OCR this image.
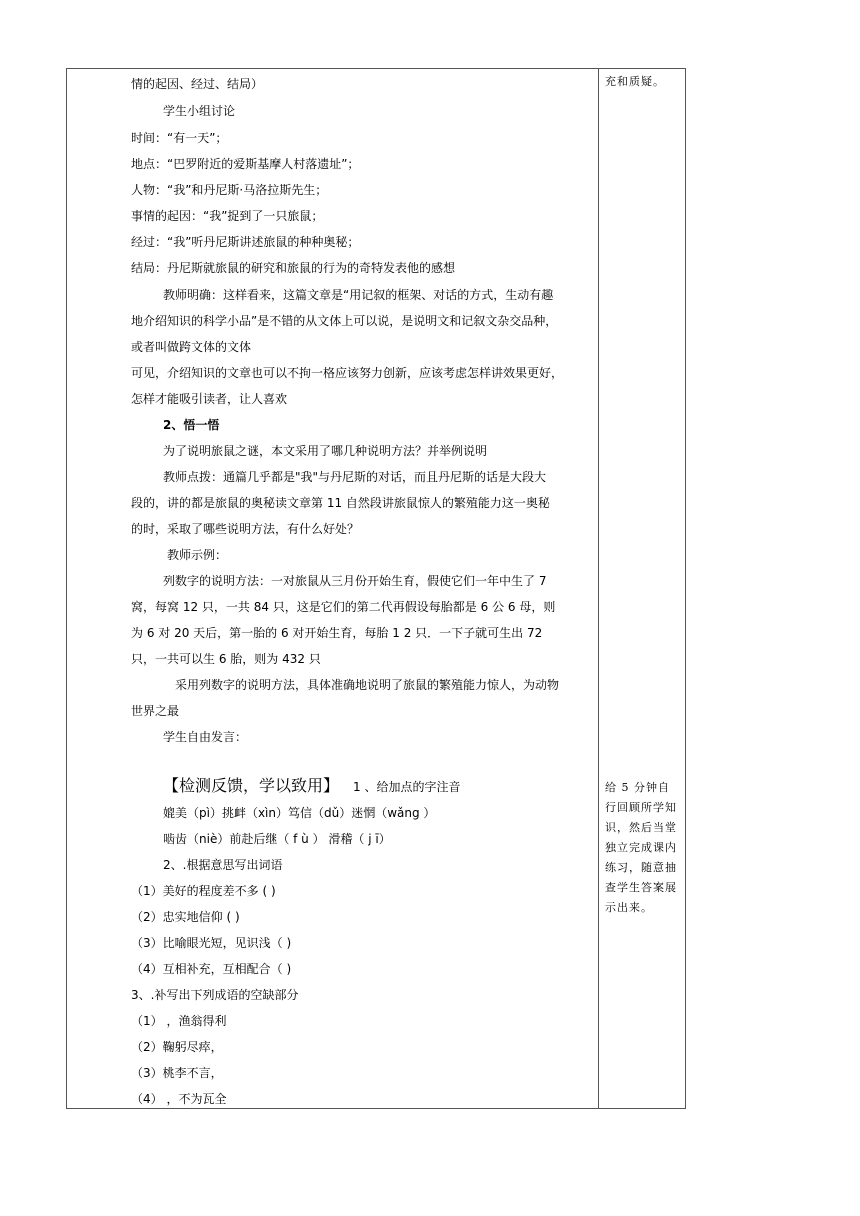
情的起因、经过、结局）
学生小组讨论
时间：“有一天”；
地点：“巴罗附近的爱斯基摩人村落遗址”；
人物：“我”和丹尼斯·马洛拉斯先生；
事情的起因：“我”捉到了一只旅鼠；
经过：“我”听丹尼斯讲述旅鼠的种种奥秘；
结局：丹尼斯就旅鼠的研究和旅鼠的行为的奇特发表他的感想
教师明确：这样看来，这篇文章是“用记叙的框架、对话的方式，生动有趣
地介绍知识的科学小品”是不错的从文体上可以说，是说明文和记叙文杂交品种，
或者叫做跨文体的文体
可见，介绍知识的文章也可以不拘一格应该努力创新，应该考虑怎样讲效果更好，
怎样才能吸引读者，让人喜欢
2、悟一悟
为了说明旅鼠之谜，本文采用了哪几种说明方法？并举例说明
教师点拨：通篇几乎都是"我"与丹尼斯的对话，而且丹尼斯的话是大段大
段的，讲的都是旅鼠的奥秘读文章第 11 自然段讲旅鼠惊人的繁殖能力这一奥秘
的时，采取了哪些说明方法，有什么好处？
教师示例：
列数字的说明方法：一对旅鼠从三月份开始生育，假使它们一年中生了 7
窝，每窝 12 只，一共 84 只，这是它们的第二代再假设每胎都是 6 公 6 母，则
为 6 对 20 天后，第一胎的 6 对开始生育，每胎 1 2 只．一下子就可生出 72
只，一共可以生 6 胎，则为 432 只
采用列数字的说明方法，具体准确地说明了旅鼠的繁殖能力惊人，为动物
世界之最
学生自由发言：
【检测反馈，学以致用】 1 、给加点的字注音
媲美（pì）挑衅（xìn）笃信（dǔ）迷惘（wǎng ）
啮齿（niè）前赴后继（ f ù ） 滑稽（ j ī）
2、.根据意思写出词语
（1）美好的程度差不多 ( )
（2）忠实地信仰 ( )
（3）比喻眼光短，见识浅（ )
（4）互相补充，互相配合（ )
3、.补写出下列成语的空缺部分
（1） ，渔翁得利
（2）鞠躬尽瘁，
（3）桃李不言，
（4） ，不为瓦全
充和质疑。
给 5 分钟自行回顾所学知识，然后当堂独立完成课内练习，随意抽查学生答案展示出来。
